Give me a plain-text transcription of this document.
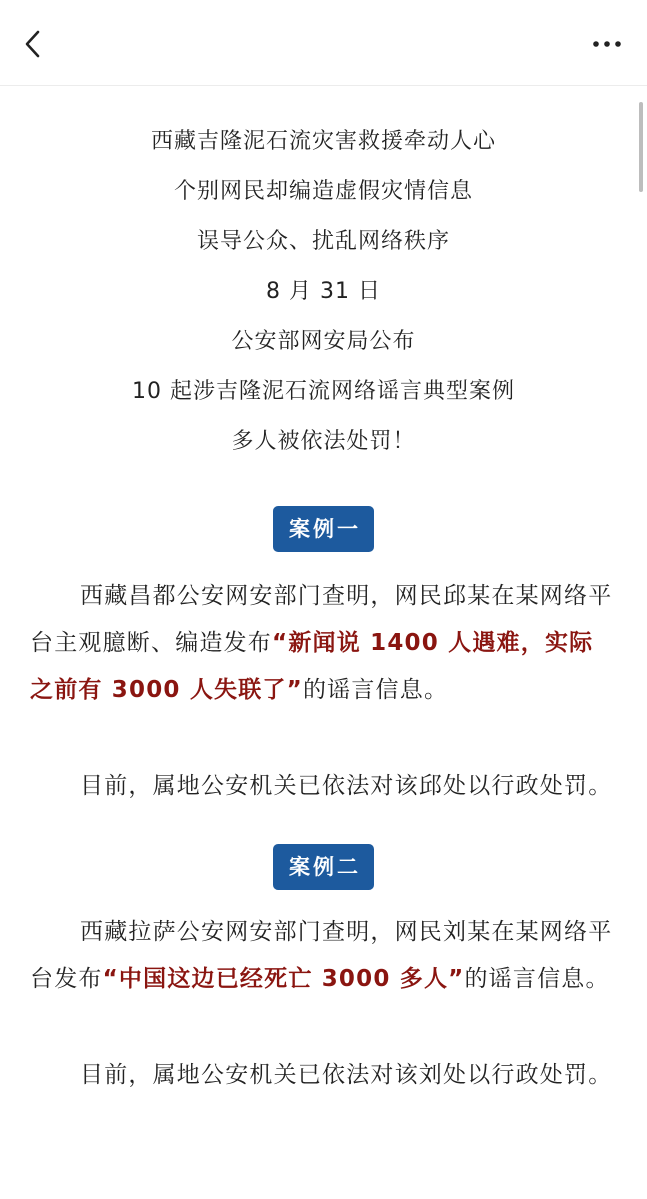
西藏吉隆泥石流灾害救援牵动人心
个别网民却编造虚假灾情信息
误导公众、扰乱网络秩序
8 月 31 日
公安部网安局公布
10 起涉吉隆泥石流网络谣言典型案例
多人被依法处罚！
案例一

西藏昌都公安网安部门查明，网民邱某在某网络平台主观臆断、编造发布“新闻说 1400 人遇难，实际之前有 3000 人失联了”的谣言信息。

目前，属地公安机关已依法对该邱处以行政处罚。

案例二

西藏拉萨公安网安部门查明，网民刘某在某网络平台发布“中国这边已经死亡 3000 多人”的谣言信息。

目前，属地公安机关已依法对该刘处以行政处罚。
